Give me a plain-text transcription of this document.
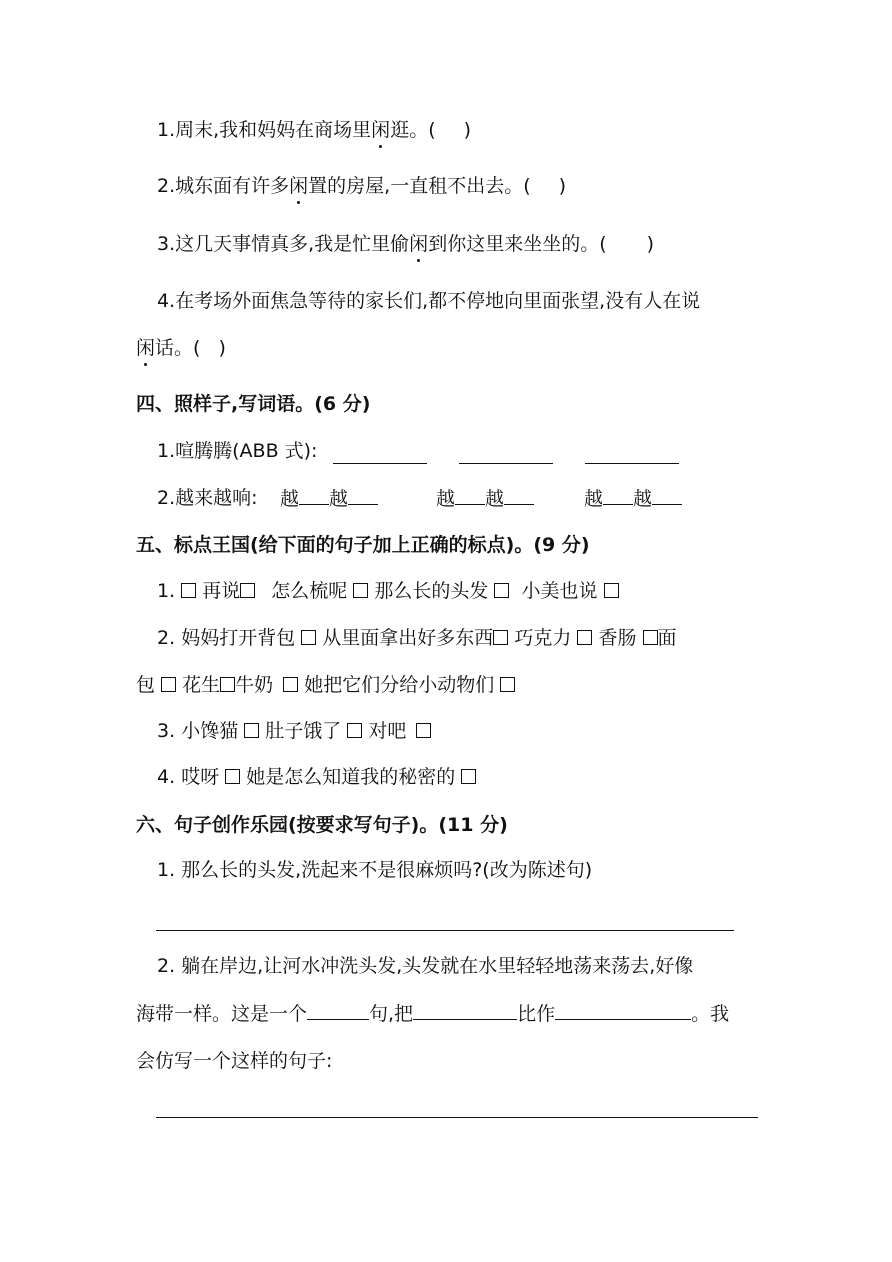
1.周末,我和妈妈在商场里闲逛。( )
2.城东面有许多闲置的房屋,一直租不出去。( )
3.这几天事情真多,我是忙里偷闲到你这里来坐坐的。( )
4.在考场外面焦急等待的家长们,都不停地向里面张望,没有人在说
闲话。( )
四、照样子,写词语。(6 分)
1.喧腾腾(ABB 式):
2.越来越响: 越 越	越 越	越 越
五、标点王国(给下面的句子加上正确的标点)。(9 分)
1. 再说 怎么梳呢 那么长的头发 小美也说
2. 妈妈打开背包 从里面拿出好多东西 巧克力 香肠 面
包 花生 牛奶 她把它们分给小动物们
3. 小馋猫 肚子饿了 对吧
4. 哎呀 她是怎么知道我的秘密的
六、句子创作乐园(按要求写句子)。(11 分)
1. 那么长的头发,洗起来不是很麻烦吗?(改为陈述句)
2. 躺在岸边,让河水冲洗头发,头发就在水里轻轻地荡来荡去,好像
海带一样。这是一个	句,把	比作	。我
会仿写一个这样的句子:
